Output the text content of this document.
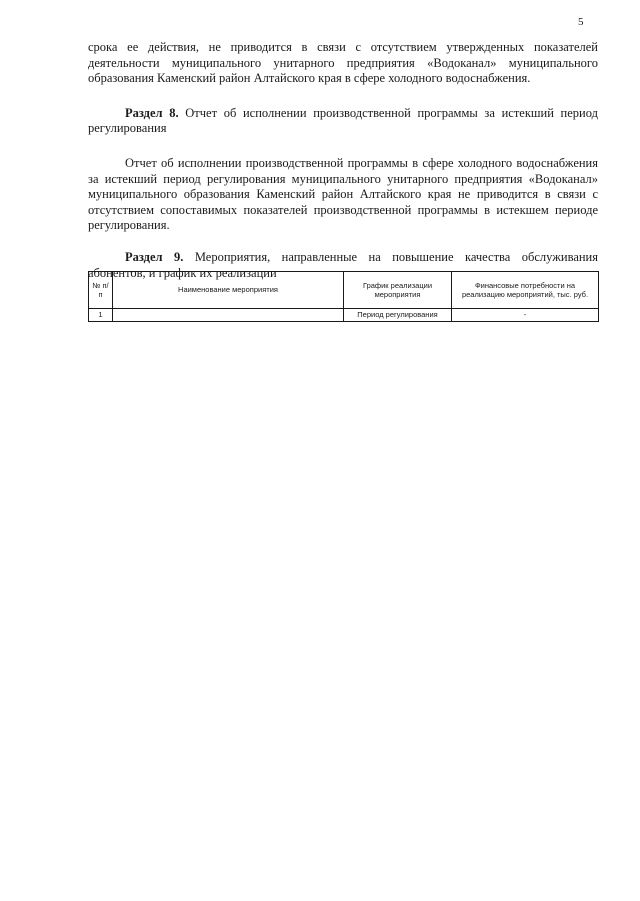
5

срока ее действия, не приводится в связи с отсутствием утвержденных показателей деятельности муниципального унитарного предприятия «Водоканал» муниципального образования Каменский район Алтайского края в сфере холодного водоснабжения.

Раздел 8. Отчет об исполнении производственной программы за истекший период регулирования

Отчет об исполнении производственной программы в сфере холодного водоснабжения за истекший период регулирования муниципального унитарного предприятия «Водоканал» муниципального образования Каменский район Алтайского края не приводится в связи с отсутствием сопоставимых показателей производственной программы в истекшем периоде регулирования.

Раздел 9. Мероприятия, направленные на повышение качества обслуживания абонентов, и график их реализации

№ п/п	Наименование мероприятия	График реализации мероприятия	Финансовые потребности на реализацию мероприятий, тыс. руб.
1		Период регулирования	-
